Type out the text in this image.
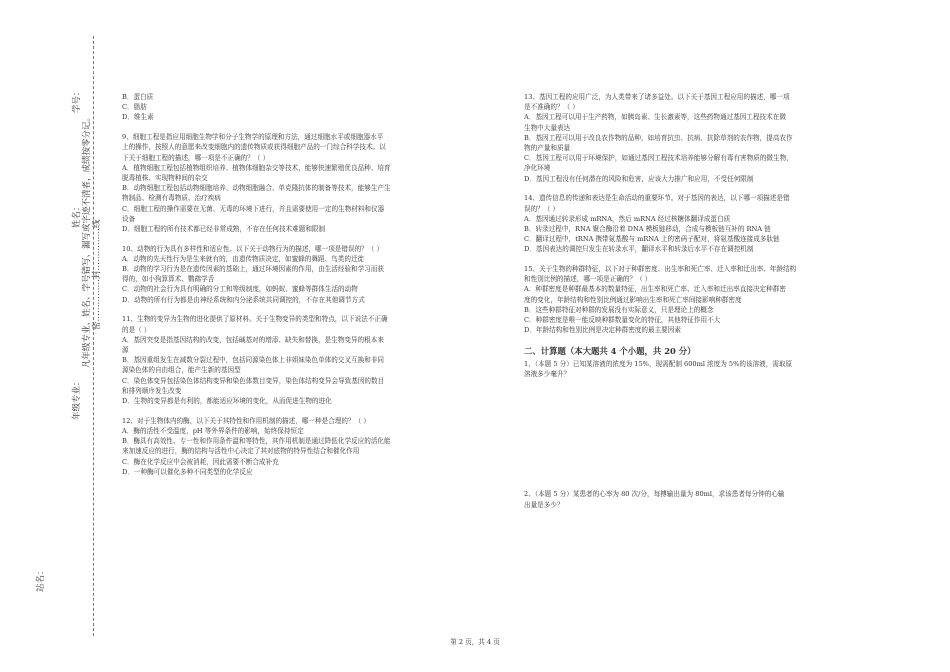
学号：
姓名： 凡年级专业、姓名、学号错写、漏写或字迹不清者，成绩按零分记。 密……………封……………线
年级专业：
站名：
B．蛋白质
C．脂肪
D．维生素
9、细胞工程是指应用细胞生物学和分子生物学的原理和方法，通过细胞水平或细胞器水平
上的操作，按照人的意愿来改变细胞内的遗传物质或获得细胞产品的一门综合科学技术。以
下关于细胞工程的描述，哪一项是不正确的？（ ）
A．植物细胞工程包括植物组织培养、植物体细胞杂交等技术，能够快速繁殖优良品种、培育
脱毒植株、实现物种间的杂交
B．动物细胞工程包括动物细胞培养、动物细胞融合、单克隆抗体的制备等技术，能够生产生
物制品、检测有毒物质、治疗疾病
C．细胞工程的操作需要在无菌、无毒的环境下进行，并且需要使用一定的生物材料和仪器
设备
D．细胞工程的所有技术都已经非常成熟，不存在任何技术难题和限制
10、动物的行为具有多样性和适应性。以下关于动物行为的描述，哪一项是错误的？（ ）
A．动物的先天性行为是生来就有的，由遗传物质决定，如蜜蜂的舞蹈、鸟类的迁徙
B．动物的学习行为是在遗传因素的基础上，通过环境因素的作用，由生活经验和学习而获
得的，如小狗算算术、鹦鹉学舌
C．动物的社会行为具有明确的分工和等级制度，如蚂蚁、蜜蜂等群体生活的动物
D．动物的所有行为都是由神经系统和内分泌系统共同调控的，不存在其他调节方式
11、生物的变异为生物的进化提供了原材料。关于生物变异的类型和特点，以下说法不正确
的是（ ）
A．基因突变是指基因结构的改变，包括碱基对的增添、缺失和替换，是生物变异的根本来
源
B．基因重组发生在减数分裂过程中，包括同源染色体上非姐妹染色单体的交叉互换和非同
源染色体的自由组合，能产生新的基因型
C．染色体变异包括染色体结构变异和染色体数目变异，染色体结构变异会导致基因的数目
和排列顺序发生改变
D．生物的变异都是有利的，都能适应环境的变化，从而促进生物的进化
12、对于生物体内的酶，以下关于其特性和作用机制的描述，哪一种是合理的？（ ）
A．酶的活性不受温度，pH 等外界条件的影响，始终保持恒定
B．酶具有高效性、专一性和作用条件温和等特性，其作用机制是通过降低化学反应的活化能
来加速反应的进行，酶的结构与活性中心决定了其对底物的特异性结合和催化作用
C．酶在化学反应中会被消耗，因此需要不断合成补充
D．一种酶可以催化多种不同类型的化学反应
13、基因工程的应用广泛，为人类带来了诸多益处。以下关于基因工程应用的描述，哪一项
是不准确的？（ ）
A．基因工程可以用于生产药物，如胰岛素、生长激素等，这些药物通过基因工程技术在微
生物中大量表达
B．基因工程可以用于改良农作物的品种，如培育抗虫、抗病、抗除草剂的农作物，提高农作
物的产量和质量
C．基因工程可以用于环境保护，如通过基因工程技术培养能够分解有毒有害物质的微生物，
净化环境
D．基因工程没有任何潜在的风险和危害，应该大力推广和应用，不受任何限制
14、遗传信息的传递和表达是生命活动的重要环节。对于基因的表达，以下哪一项描述是错
误的？（ ）
A．基因通过转录形成 mRNA，然后 mRNA 经过核糖体翻译成蛋白质
B．转录过程中，RNA 聚合酶沿着 DNA 模板链移动，合成与模板链互补的 RNA 链
C．翻译过程中，tRNA 携带氨基酸与 mRNA 上的密码子配对，将氨基酸连接成多肽链
D．基因表达的调控只发生在转录水平，翻译水平和转录后水平不存在调控机制
15、关于生物的种群特征，以下对于种群密度、出生率和死亡率、迁入率和迁出率、年龄结构
和性别比例的描述，哪一项是正确的？（ ）
A．种群密度是种群最基本的数量特征，出生率和死亡率、迁入率和迁出率直接决定种群密
度的变化，年龄结构和性别比例通过影响出生率和死亡率间接影响种群密度
B．这些种群特征对种群的发展没有实际意义，只是理论上的概念
C．种群密度是唯一能反映种群数量变化的特征，其他特征作用不大
D．年龄结构和性别比例是决定种群密度的最主要因素
二、计算题（本大题共 4 个小题，共 20 分）
1、（本题 5 分）已知某溶液的浓度为 15%，现需配制 600ml 浓度为 5%的该溶液，需取原
溶液多少毫升？
2、（本题 5 分）某患者的心率为 80 次/分，每搏输出量为 80ml，求该患者每分钟的心输
出量是多少？
第 2 页，共 4 页
